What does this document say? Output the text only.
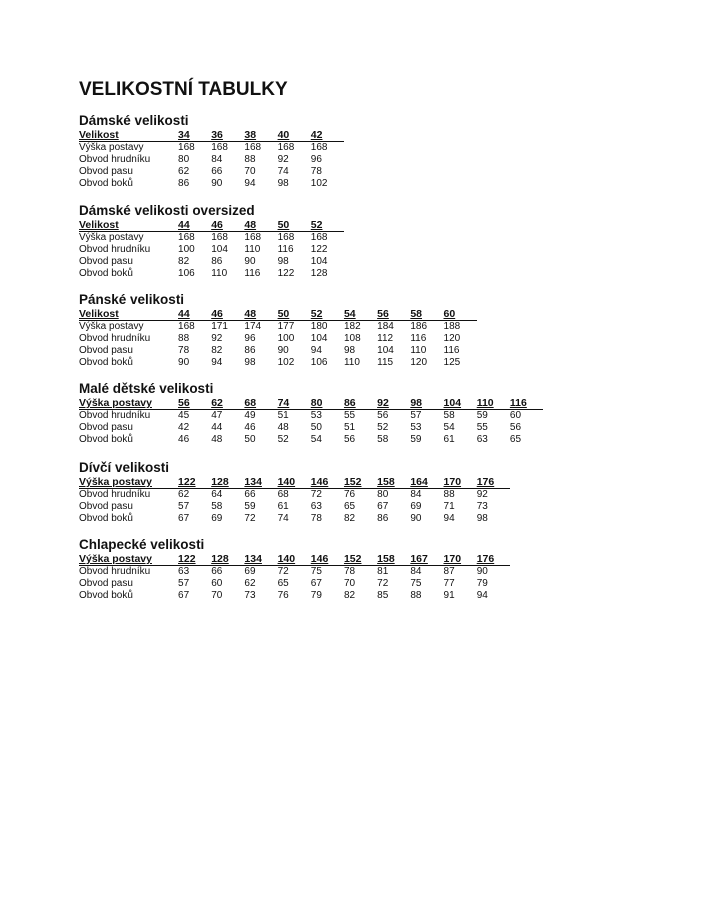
VELIKOSTNÍ TABULKY
Dámské velikosti
Velikost	34	36	38	40	42
Výška postavy	168	168	168	168	168
Obvod hrudníku	80	84	88	92	96
Obvod pasu	62	66	70	74	78
Obvod boků	86	90	94	98	102
Dámské velikosti oversized
Velikost	44	46	48	50	52
Výška postavy	168	168	168	168	168
Obvod hrudníku	100	104	110	116	122
Obvod pasu	82	86	90	98	104
Obvod boků	106	110	116	122	128
Pánské velikosti
Velikost	44	46	48	50	52	54	56	58	60
Výška postavy	168	171	174	177	180	182	184	186	188
Obvod hrudníku	88	92	96	100	104	108	112	116	120
Obvod pasu	78	82	86	90	94	98	104	110	116
Obvod boků	90	94	98	102	106	110	115	120	125
Malé dětské velikosti
Výška postavy	56	62	68	74	80	86	92	98	104	110	116
Obvod hrudníku	45	47	49	51	53	55	56	57	58	59	60
Obvod pasu	42	44	46	48	50	51	52	53	54	55	56
Obvod boků	46	48	50	52	54	56	58	59	61	63	65
Dívčí velikosti
Výška postavy	122	128	134	140	146	152	158	164	170	176
Obvod hrudníku	62	64	66	68	72	76	80	84	88	92
Obvod pasu	57	58	59	61	63	65	67	69	71	73
Obvod boků	67	69	72	74	78	82	86	90	94	98
Chlapecké velikosti
Výška postavy	122	128	134	140	146	152	158	167	170	176
Obvod hrudníku	63	66	69	72	75	78	81	84	87	90
Obvod pasu	57	60	62	65	67	70	72	75	77	79
Obvod boků	67	70	73	76	79	82	85	88	91	94
